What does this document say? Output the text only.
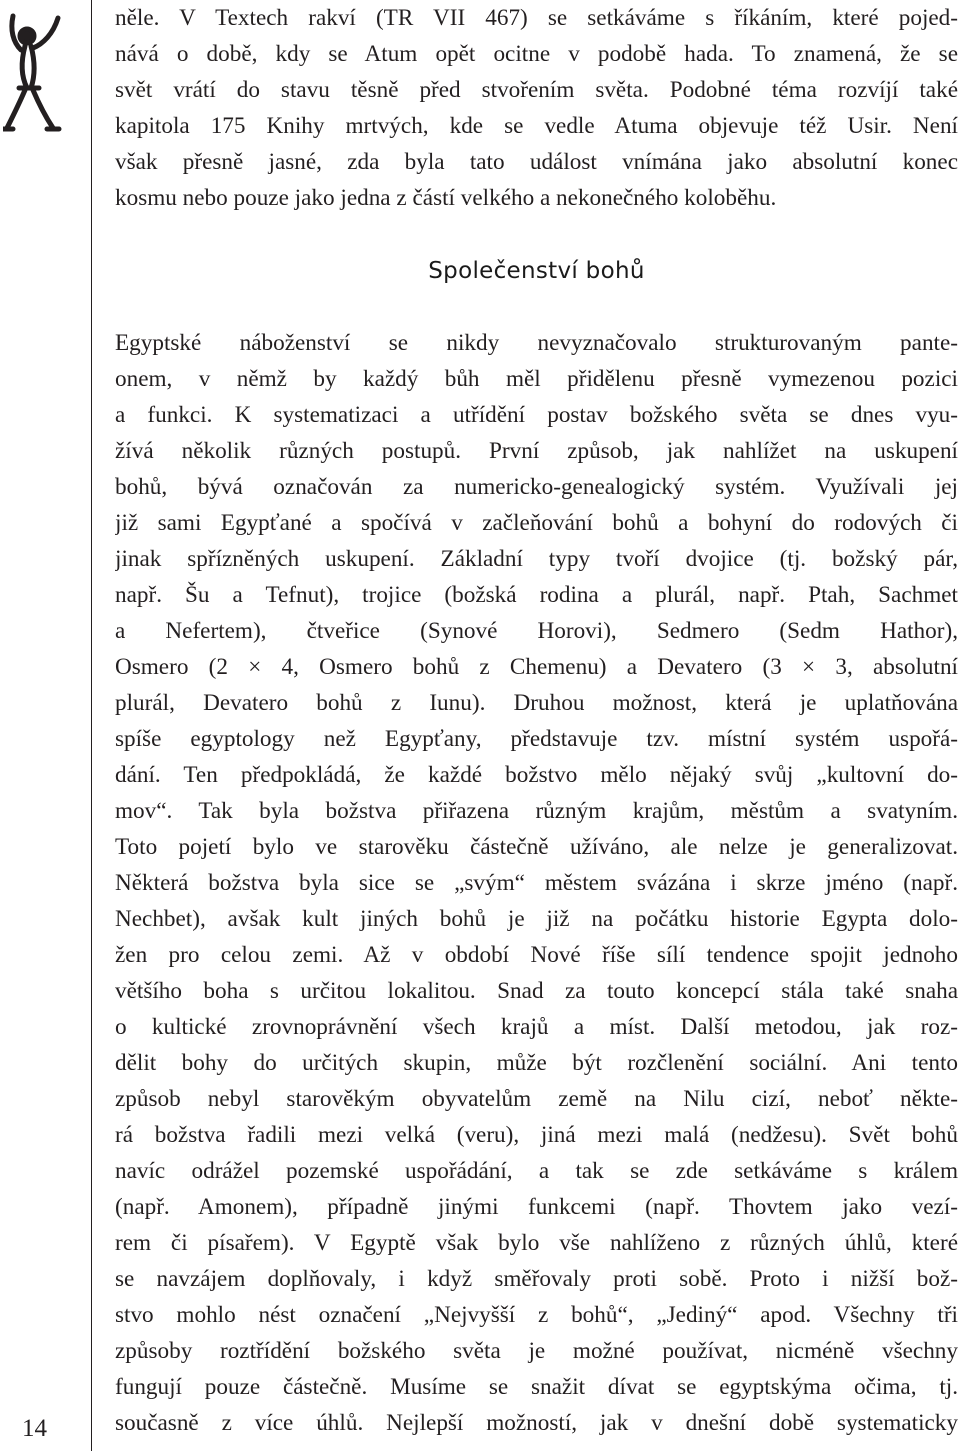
14
něle. V Textech rakví (TR VII 467) se setkáváme s říkáním, které pojed-
nává o době, kdy se Atum opět ocitne v podobě hada. To znamená, že se
svět vrátí do stavu těsně před stvořením světa. Podobné téma rozvíjí také
kapitola 175 Knihy mrtvých, kde se vedle Atuma objevuje též Usir. Není
však přesně jasné, zda byla tato událost vnímána jako absolutní konec
kosmu nebo pouze jako jedna z částí velkého a nekonečného koloběhu.
Společenství bohů
Egyptské náboženství se nikdy nevyznačovalo strukturovaným pante-
onem, v němž by každý bůh měl přidělenu přesně vymezenou pozici
a funkci. K systematizaci a utřídění postav božského světa se dnes vyu-
žívá několik různých postupů. První způsob, jak nahlížet na uskupení
bohů, bývá označován za numericko-genealogický systém. Využívali jej
již sami Egypťané a spočívá v začleňování bohů a bohyní do rodových či
jinak spřízněných uskupení. Základní typy tvoří dvojice (tj. božský pár,
např. Šu a Tefnut), trojice (božská rodina a plurál, např. Ptah, Sachmet
a Nefertem), čtveřice (Synové Horovi), Sedmero (Sedm Hathor),
Osmero (2 × 4, Osmero bohů z Chemenu) a Devatero (3 × 3, absolutní
plurál, Devatero bohů z Iunu). Druhou možnost, která je uplatňována
spíše egyptology než Egypťany, představuje tzv. místní systém uspořá-
dání. Ten předpokládá, že každé božstvo mělo nějaký svůj „kultovní do-
mov“. Tak byla božstva přiřazena různým krajům, městům a svatyním.
Toto pojetí bylo ve starověku částečně užíváno, ale nelze je generalizovat.
Některá božstva byla sice se „svým“ městem svázána i skrze jméno (např.
Nechbet), avšak kult jiných bohů je již na počátku historie Egypta dolo-
žen pro celou zemi. Až v období Nové říše sílí tendence spojit jednoho
většího boha s určitou lokalitou. Snad za touto koncepcí stála také snaha
o kultické zrovnoprávnění všech krajů a míst. Další metodou, jak roz-
dělit bohy do určitých skupin, může být rozčlenění sociální. Ani tento
způsob nebyl starověkým obyvatelům země na Nilu cizí, neboť někte-
rá božstva řadili mezi velká (veru), jiná mezi malá (nedžesu). Svět bohů
navíc odrážel pozemské uspořádání, a tak se zde setkáváme s králem
(např. Amonem), případně jinými funkcemi (např. Thovtem jako vezí-
rem či písařem). V Egyptě však bylo vše nahlíženo z různých úhlů, které
se navzájem doplňovaly, i když směřovaly proti sobě. Proto i nižší bož-
stvo mohlo nést označení „Nejvyšší z bohů“, „Jediný“ apod. Všechny tři
způsoby roztřídění božského světa je možné používat, nicméně všechny
fungují pouze částečně. Musíme se snažit dívat se egyptskýma očima, tj.
současně z více úhlů. Nejlepší možností, jak v dnešní době systematicky
